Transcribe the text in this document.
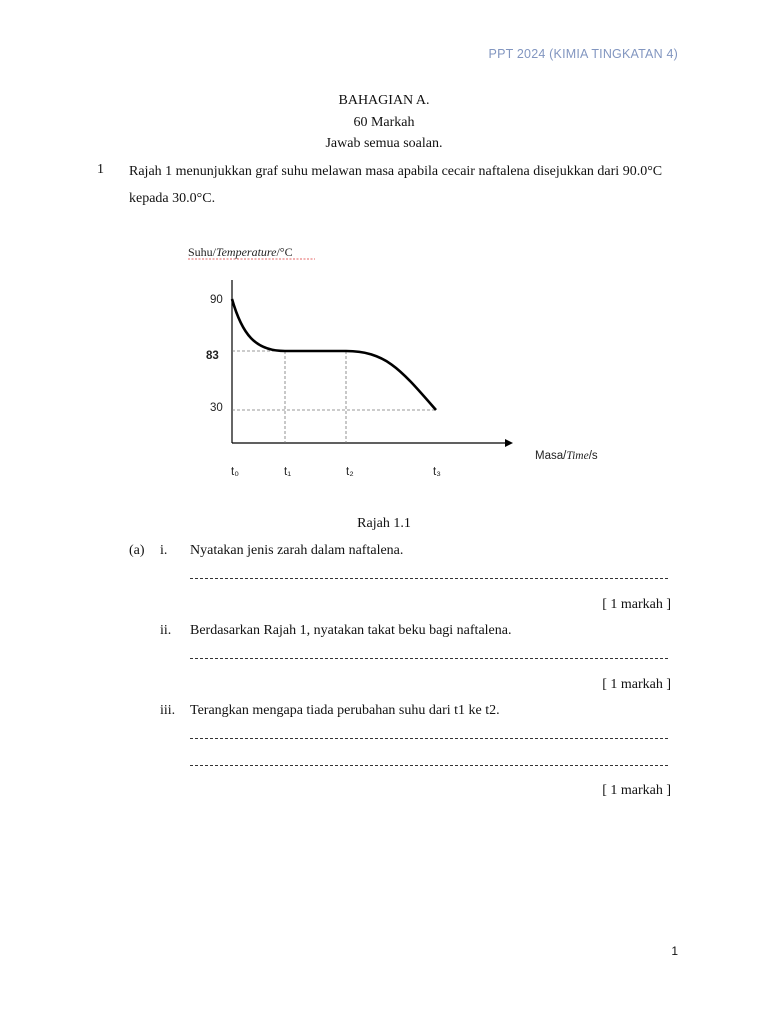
PPT 2024 (KIMIA TINGKATAN 4)
BAHAGIAN A.
60 Markah
Jawab semua soalan.
1 Rajah 1 menunjukkan graf suhu melawan masa apabila cecair naftalena disejukkan dari 90.0°C kepada 30.0°C.
Suhu/Temperature/°C
90
83
30
t₀	t₁	t₂	t₃
Masa/Time/s
Rajah 1.1
(a) i. Nyatakan jenis zarah dalam naftalena.
[ 1 markah ]
ii. Berdasarkan Rajah 1, nyatakan takat beku bagi naftalena.
[ 1 markah ]
iii. Terangkan mengapa tiada perubahan suhu dari t1 ke t2.
[ 1 markah ]
1
